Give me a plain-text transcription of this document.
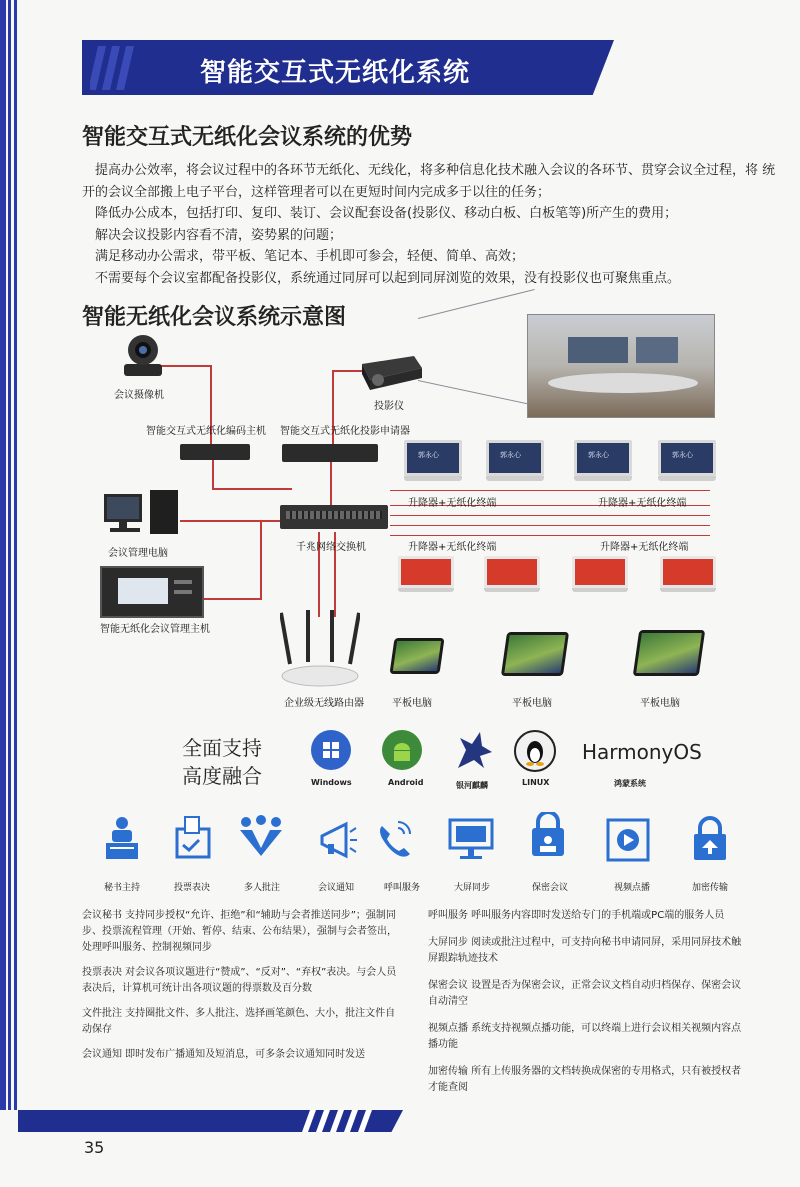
智能交互式无纸化系统
智能交互式无纸化会议系统的优势
提高办公效率，将会议过程中的各环节无纸化、无线化，将多种信息化技术融入会议的各环节、贯穿会议全过程，将 统
开的会议全部搬上电子平台，这样管理者可以在更短时间内完成多于以往的任务；
降低办公成本，包括打印、复印、装订、会议配套设备(投影仪、移动白板、白板笔等)所产生的费用；
解决会议投影内容看不清，姿势累的问题；
满足移动办公需求，带平板、笔记本、手机即可参会，轻便、简单、高效；
不需要每个会议室都配备投影仪，系统通过同屏可以起到同屏浏览的效果，没有投影仪也可聚焦重点。
智能无纸化会议系统示意图
会议摄像机
投影仪
智能交互式无纸化编码主机 智能交互式无纸化投影申请器
会议管理电脑
千兆网络交换机
智能无纸化会议管理主机
企业级无线路由器
郭永心	郭永心	郭永心	郭永心
升降器+无纸化终端	升降器+无纸化终端
升降器+无纸化终端	升降器+无纸化终端
平板电脑	平板电脑	平板电脑
全面支持
高度融合	Windows	Android	银河麒麟	LINUX
HarmonyOS
鸿蒙系统
秘书主持	投票表决	多人批注	会议通知	呼叫服务	大屏同步	保密会议	视频点播	加密传输
会议秘书 支持同步授权“允许、拒绝”和“辅助与会者推送同步”；强制同步、投票流程管理（开始、暂停、结束、公布结果），强制与会者签出，处理呼叫服务、控制视频同步
投票表决 对会议各项议题进行“赞成”、“反对”、“弃权”表决。与会人员表决后，计算机可统计出各项议题的得票数及百分数
文件批注 支持圈批文件、多人批注、选择画笔颜色、大小，批注文件自动保存
会议通知 即时发布广播通知及短消息，可多条会议通知同时发送
呼叫服务 呼叫服务内容即时发送给专门的手机端或PC端的服务人员
大屏同步 阅读或批注过程中，可支持向秘书申请同屏，采用同屏技术触屏跟踪轨迹技术
保密会议 设置是否为保密会议，正常会议文档自动归档保存、保密会议自动清空
视频点播 系统支持视频点播功能，可以终端上进行会议相关视频内容点播功能
加密传输 所有上传服务器的文档转换成保密的专用格式，只有被授权者才能查阅
35
